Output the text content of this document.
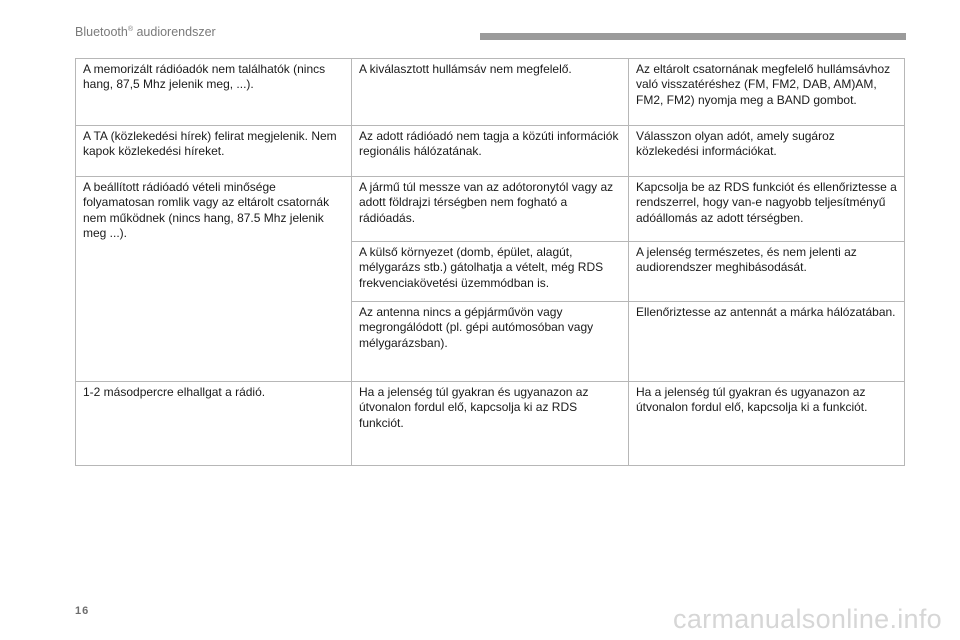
Bluetooth® audiorendszer
A memorizált rádióadók nem találhatók (nincs hang, 87,5 Mhz jelenik meg, ...).	A kiválasztott hullámsáv nem megfelelő.	Az eltárolt csatornának megfelelő hullámsávhoz való visszatéréshez (FM, FM2, DAB, AM)AM, FM2, FM2) nyomja meg a BAND gombot.
A TA (közlekedési hírek) felirat megjelenik. Nem kapok közlekedési híreket.	Az adott rádióadó nem tagja a közúti információk regionális hálózatának.	Válasszon olyan adót, amely sugároz közlekedési információkat.
A beállított rádióadó vételi minősége folyamatosan romlik vagy az eltárolt csatornák nem működnek (nincs hang, 87.5 Mhz jelenik meg ...).	A jármű túl messze van az adótoronytól vagy az adott földrajzi térségben nem fogható a rádióadás.	Kapcsolja be az RDS funkciót és ellenőriztesse a rendszerrel, hogy van-e nagyobb teljesítményű adóállomás az adott térségben.
	A külső környezet (domb, épület, alagút, mélygarázs stb.) gátolhatja a vételt, még RDS frekvenciakövetési üzemmódban is.	A jelenség természetes, és nem jelenti az audiorendszer meghibásodását.
	Az antenna nincs a gépjárművön vagy megrongálódott (pl. gépi autómosóban vagy mélygarázsban).	Ellenőriztesse az antennát a márka hálózatában.
1-2 másodpercre elhallgat a rádió.	Ha a jelenség túl gyakran és ugyanazon az útvonalon fordul elő, kapcsolja ki az RDS funkciót.	Ha a jelenség túl gyakran és ugyanazon az útvonalon fordul elő, kapcsolja ki a funkciót.
16	carmanualsonline.info
